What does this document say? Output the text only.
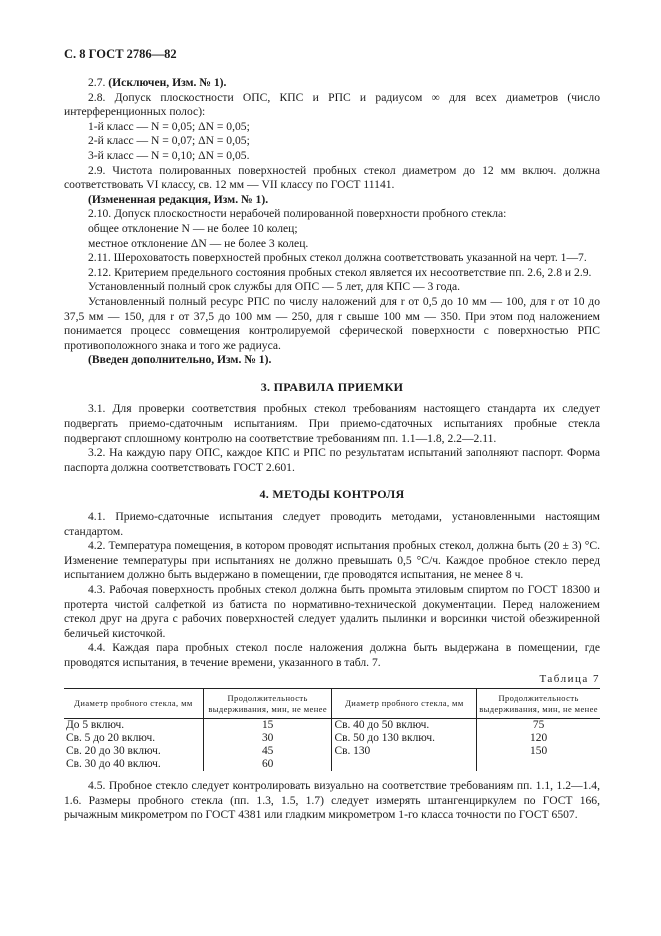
С. 8 ГОСТ 2786—82

2.7. (Исключен, Изм. № 1).

2.8. Допуск плоскостности ОПС, КПС и РПС и радиусом ∞ для всех диаметров (число интерференционных полос):

1-й класс — N = 0,05; ΔN = 0,05;

2-й класс — N = 0,07; ΔN = 0,05;

3-й класс — N = 0,10; ΔN = 0,05.

2.9. Чистота полированных поверхностей пробных стекол диаметром до 12 мм включ. должна соответствовать VI классу, св. 12 мм — VII классу по ГОСТ 11141.

(Измененная редакция, Изм. № 1).

2.10. Допуск плоскостности нерабочей полированной поверхности пробного стекла:

общее отклонение N — не более 10 колец;

местное отклонение ΔN — не более 3 колец.

2.11. Шероховатость поверхностей пробных стекол должна соответствовать указанной на черт. 1—7.

2.12. Критерием предельного состояния пробных стекол является их несоответствие пп. 2.6, 2.8 и 2.9.

Установленный полный срок службы для ОПС — 5 лет, для КПС — 3 года.

Установленный полный ресурс РПС по числу наложений для r от 0,5 до 10 мм — 100, для r от 10 до 37,5 мм — 150, для r от 37,5 до 100 мм — 250, для r свыше 100 мм — 350. При этом под наложением понимается процесс совмещения контролируемой сферической поверхности с поверхностью РПС противоположного знака и того же радиуса.

(Введен дополнительно, Изм. № 1).

3. ПРАВИЛА ПРИЕМКИ

3.1. Для проверки соответствия пробных стекол требованиям настоящего стандарта их следует подвергать приемо-сдаточным испытаниям. При приемо-сдаточных испытаниях пробные стекла подвергают сплошному контролю на соответствие требованиям пп. 1.1—1.8, 2.2—2.11.

3.2. На каждую пару ОПС, каждое КПС и РПС по результатам испытаний заполняют паспорт. Форма паспорта должна соответствовать ГОСТ 2.601.

4. МЕТОДЫ КОНТРОЛЯ

4.1. Приемо-сдаточные испытания следует проводить методами, установленными настоящим стандартом.

4.2. Температура помещения, в котором проводят испытания пробных стекол, должна быть (20 ± 3) °С. Изменение температуры при испытаниях не должно превышать 0,5 °С/ч. Каждое пробное стекло перед испытанием должно быть выдержано в помещении, где проводятся испытания, не менее 8 ч.

4.3. Рабочая поверхность пробных стекол должна быть промыта этиловым спиртом по ГОСТ 18300 и протерта чистой салфеткой из батиста по нормативно-технической документации. Перед наложением стекол друг на друга с рабочих поверхностей следует удалить пылинки и ворсинки чистой обезжиренной беличьей кисточкой.

4.4. Каждая пара пробных стекол после наложения должна быть выдержана в помещении, где проводятся испытания, в течение времени, указанного в табл. 7.

Таблица 7

Диаметр пробного стекла, мм	Продолжительность выдерживания, мин, не менее	Диаметр пробного стекла, мм	Продолжительность выдерживания, мин, не менее
До 5 включ.	15	Св. 40 до 50 включ.	75
Св. 5 до 20 включ.	30	Св. 50 до 130 включ.	120
Св. 20 до 30 включ.	45	Св. 130	150
Св. 30 до 40 включ.	60		

4.5. Пробное стекло следует контролировать визуально на соответствие требованиям пп. 1.1, 1.2—1.4, 1.6. Размеры пробного стекла (пп. 1.3, 1.5, 1.7) следует измерять штангенциркулем по ГОСТ 166, рычажным микрометром по ГОСТ 4381 или гладким микрометром 1-го класса точности по ГОСТ 6507.
